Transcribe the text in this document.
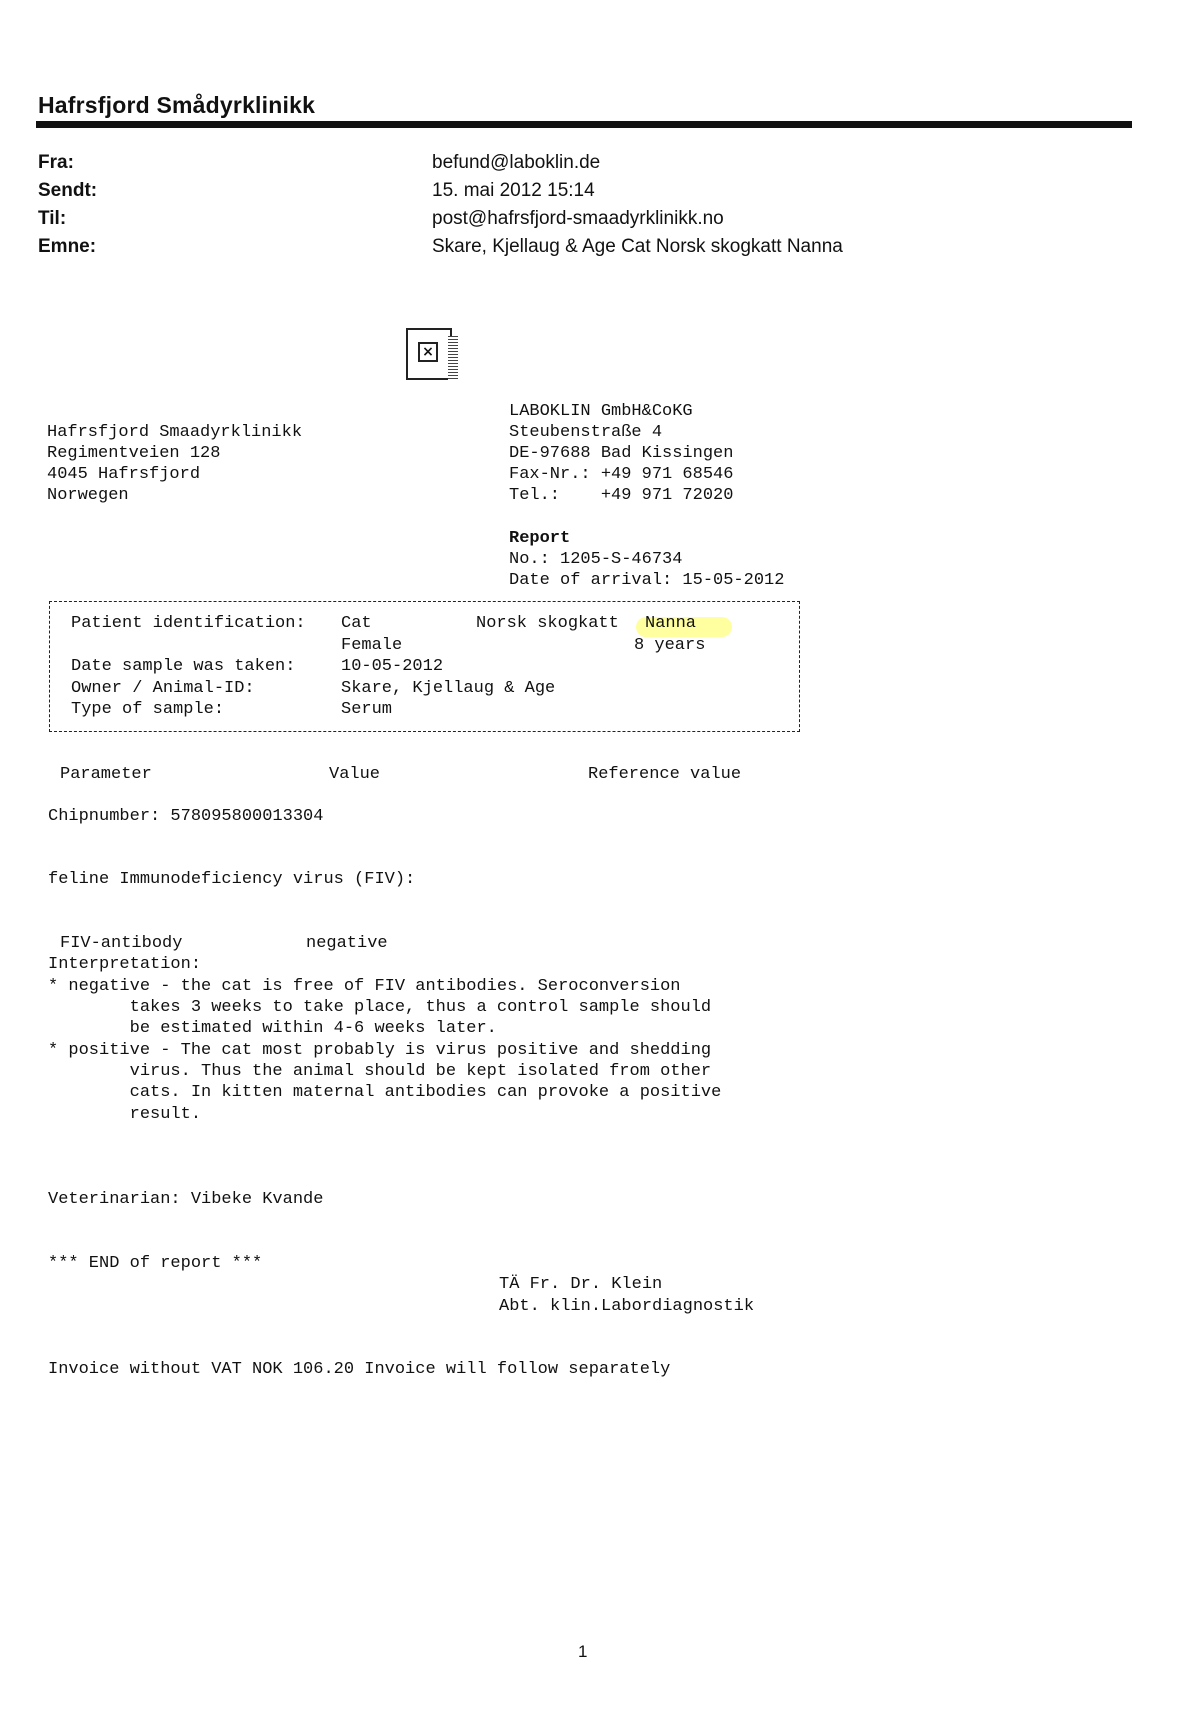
Hafrsfjord Smådyrklinikk
Fra:	befund@laboklin.de
Sendt:	15. mai 2012 15:14
Til:	post@hafrsfjord-smaadyrklinikk.no
Emne:	Skare, Kjellaug & Age Cat Norsk skogkatt Nanna
×
Hafrsfjord Smaadyrklinikk
Regimentveien 128
4045 Hafrsfjord
Norwegen
LABOKLIN GmbH&CoKG
Steubenstraße 4
DE-97688 Bad Kissingen
Fax-Nr.: +49 971 68546
Tel.:    +49 971 72020
Report
No.: 1205-S-46734
Date of arrival: 15-05-2012
Patient identification: Cat	Norsk skogkatt Nanna
Female	8 years
Date sample was taken:	10-05-2012
Owner / Animal-ID:	Skare, Kjellaug & Age
Type of sample:	Serum
Parameter	Value	Reference value
Chipnumber: 578095800013304
feline Immunodeficiency virus (FIV):
FIV-antibody	negative
Interpretation:
* negative - the cat is free of FIV antibodies. Seroconversion
takes 3 weeks to take place, thus a control sample should
be estimated within 4-6 weeks later.
* positive - The cat most probably is virus positive and shedding
virus. Thus the animal should be kept isolated from other
cats. In kitten maternal antibodies can provoke a positive
result.
Veterinarian: Vibeke Kvande
*** END of report ***
TÄ Fr. Dr. Klein
Abt. klin.Labordiagnostik
Invoice without VAT NOK 106.20 Invoice will follow separately
1
